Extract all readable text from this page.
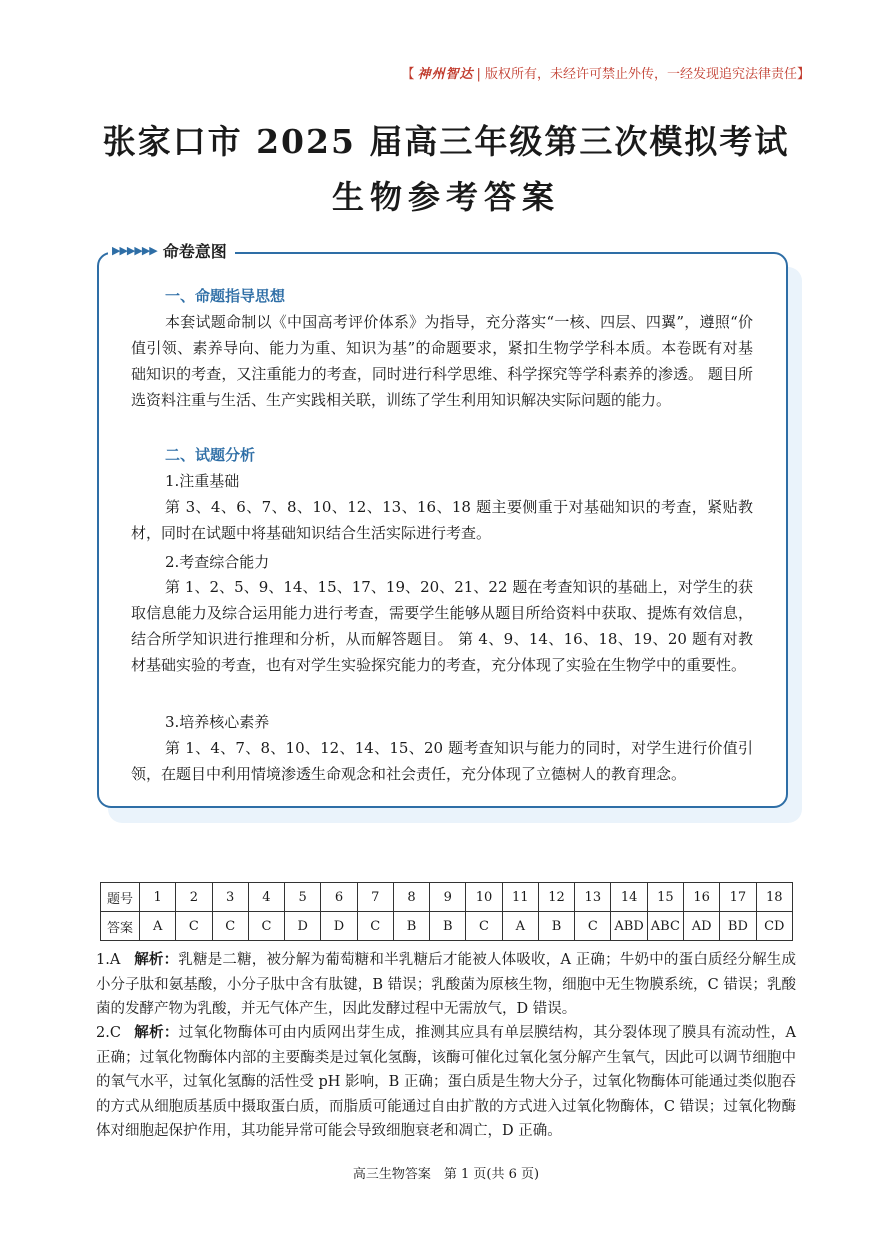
【 神州智达 | 版权所有，未经许可禁止外传，一经发现追究法律责任】
张家口市 2025 届高三年级第三次模拟考试
生物参考答案
▶▶▶▶▶▶ 命卷意图
一、命题指导思想

本套试题命制以《中国高考评价体系》为指导，充分落实“一核、四层、四翼”，遵照“价值引领、素养导向、能力为重、知识为基”的命题要求，紧扣生物学学科本质。本卷既有对基础知识的考查，又注重能力的考查，同时进行科学思维、科学探究等学科素养的渗透。 题目所选资料注重与生活、生产实践相关联，训练了学生利用知识解决实际问题的能力。

二、试题分析
1.注重基础

第 3、4、6、7、8、10、12、13、16、18 题主要侧重于对基础知识的考查，紧贴教材，同时在试题中将基础知识结合生活实际进行考查。

2.考查综合能力

第 1、2、5、9、14、15、17、19、20、21、22 题在考查知识的基础上，对学生的获取信息能力及综合运用能力进行考查，需要学生能够从题目所给资料中获取、提炼有效信息，结合所学知识进行推理和分析，从而解答题目。 第 4、9、14、16、18、19、20 题有对教材基础实验的考查，也有对学生实验探究能力的考查，充分体现了实验在生物学中的重要性。

3.培养核心素养

第 1、4、7、8、10、12、14、15、20 题考查知识与能力的同时，对学生进行价值引领，在题目中利用情境渗透生命观念和社会责任，充分体现了立德树人的教育理念。

题号	1	2	3	4	5	6	7	8	9	10	11	12	13	14	15	16	17	18
答案	A	C	C	C	D	D	C	B	B	C	A	B	C	ABD	ABC	AD	BD	CD

1.A 解析：乳糖是二糖，被分解为葡萄糖和半乳糖后才能被人体吸收，A 正确；牛奶中的蛋白质经分解生成小分子肽和氨基酸，小分子肽中含有肽键，B 错误；乳酸菌为原核生物，细胞中无生物膜系统，C 错误；乳酸菌的发酵产物为乳酸，并无气体产生，因此发酵过程中无需放气，D 错误。

2.C 解析：过氧化物酶体可由内质网出芽生成，推测其应具有单层膜结构，其分裂体现了膜具有流动性，A 正确；过氧化物酶体内部的主要酶类是过氧化氢酶，该酶可催化过氧化氢分解产生氧气，因此可以调节细胞中的氧气水平，过氧化氢酶的活性受 pH 影响，B 正确；蛋白质是生物大分子，过氧化物酶体可能通过类似胞吞的方式从细胞质基质中摄取蛋白质，而脂质可能通过自由扩散的方式进入过氧化物酶体，C 错误；过氧化物酶体对细胞起保护作用，其功能异常可能会导致细胞衰老和凋亡，D 正确。

高三生物答案　第 1 页(共 6 页)
